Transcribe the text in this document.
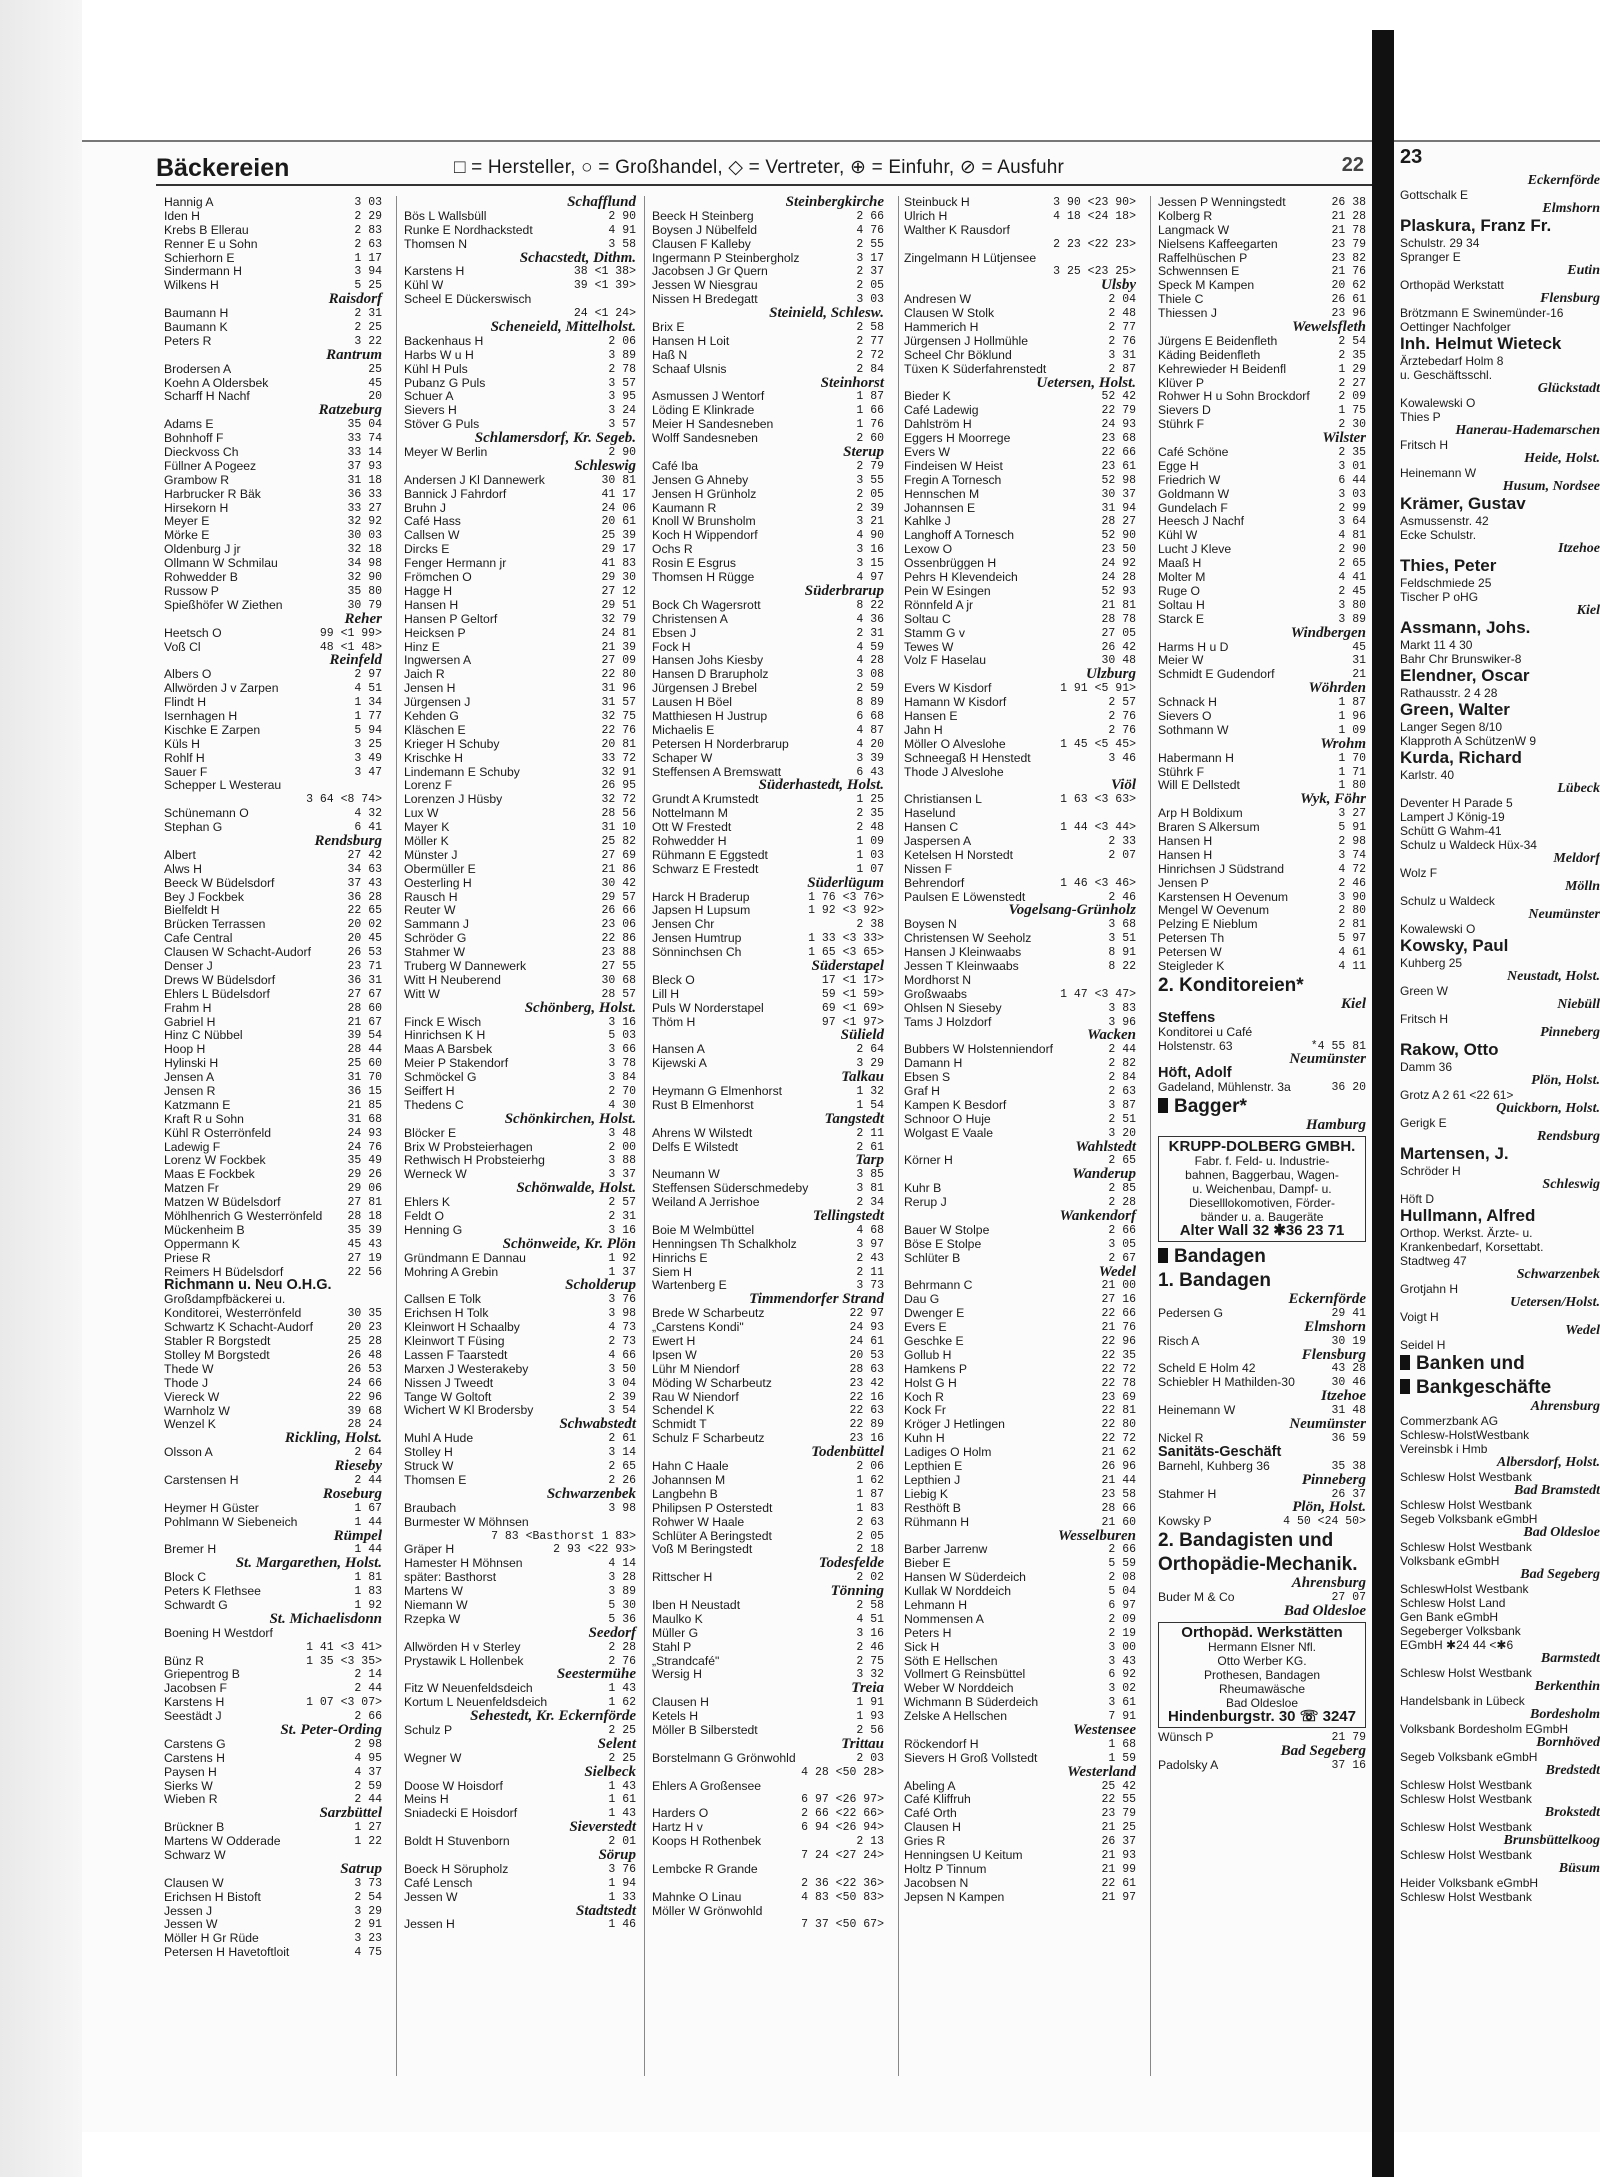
Bäckereien	□ = Hersteller, ○ = Großhandel, ◇ = Vertreter, ⊕ = Einfuhr, ⊘ = Ausfuhr	22
Hannig A	3 03
Iden H	2 29
Krebs B Ellerau	2 83
Renner E u Sohn	2 63
Schierhorn E	1 17
Sindermann H	3 94
Wilkens H	5 25
Raisdorf
Baumann H	2 31
Baumann K	2 25
Peters R	3 22
Rantrum
Brodersen A	25
Koehn A Oldersbek	45
Scharff H Nachf	20
Ratzeburg
Adams E	35 04
Bohnhoff F	33 74
Dieckvoss Ch	33 14
Füllner A Pogeez	37 93
Grambow R	31 18
Harbrucker R Bäk	36 33
Hirsekorn H	33 27
Meyer E	32 92
Mörke E	30 03
Oldenburg J jr	32 18
Ollmann W Schmilau	34 98
Rohwedder B	32 90
Russow P	35 80
Spießhöfer W Ziethen	30 79
Reher
Heetsch O	99 <1 99>
Voß Cl	48 <1 48>
Reinfeld
Albers O	2 97
Allwörden J v Zarpen	4 51
Flindt H	1 34
Isernhagen H	1 77
Kischke E Zarpen	5 94
Küls H	3 25
Rohlf H	3 49
Sauer F	3 47
Schepper L Westerau
3 64 <8 74>
Schünemann O	4 32
Stephan G	6 41
Rendsburg
Albert	27 42
Alws H	34 63
Beeck W Büdelsdorf	37 43
Bey J Fockbek	36 28
Bielfeldt H	22 65
Brücken Terrassen	20 02
Cafe Central	20 45
Clausen W Schacht-Audorf	26 53
Denser J	23 71
Drews W Büdelsdorf	36 31
Ehlers L Büdelsdorf	27 67
Frahm H	28 60
Gabriel H	21 67
Hinz C Nübbel	39 54
Hoop H	28 44
Hylinski H	25 60
Jensen A	31 70
Jensen R	36 15
Katzmann E	21 85
Kraft R u Sohn	31 68
Kühl R Osterrönfeld	24 93
Ladewig F	24 76
Lorenz W Fockbek	35 49
Maas E Fockbek	29 26
Matzen Fr	29 06
Matzen W Büdelsdorf	27 81
Möhlhenrich G Westerrönfeld	28 18
Mückenheim B	35 39
Oppermann K	45 43
Priese R	27 19
Reimers H Büdelsdorf	22 56
Richmann u. Neu O.H.G.
Großdampfbäckerei u.
Konditorei, Westerrönfeld	30 35
Schwartz K Schacht-Audorf	20 23
Stabler R Borgstedt	25 28
Stolley M Borgstedt	26 48
Thede W	26 53
Thode J	24 66
Viereck W	22 96
Warnholz W	39 68
Wenzel K	28 24
Rickling, Holst.
Olsson A	2 64
Rieseby
Carstensen H	2 44
Roseburg
Heymer H Güster	1 67
Pohlmann W Siebeneich	1 44
Rümpel
Bremer H	1 44
St. Margarethen, Holst.
Block C	1 81
Peters K Flethsee	1 83
Schwardt G	1 92
St. Michaelisdonn
Boening H Westdorf
1 41 <3 41>
Bünz R	1 35 <3 35>
Griepentrog B	2 14
Jacobsen F	2 44
Karstens H	1 07 <3 07>
Seestädt J	2 66
St. Peter-Ording
Carstens G	2 98
Carstens H	4 95
Paysen H	4 37
Sierks W	2 59
Wieben R	2 44
Sarzbüttel
Brückner B	1 27
Martens W Odderade	1 22
Schwarz W
Satrup
Clausen W	3 73
Erichsen H Bistoft	2 54
Jessen J	3 29
Jessen W	2 91
Möller H Gr Rüde	3 23
Petersen H Havetoftloit	4 75
Schafflund
Bös L Wallsbüll	2 90
Runke E Nordhackstedt	4 91
Thomsen N	3 58
Schacstedt, Dithm.
Karstens H	38 <1 38>
Kühl W	39 <1 39>
Scheel E Dückerswisch
24 <1 24>
Scheneield, Mittelholst.
Backenhaus H	2 06
Harbs W u H	3 89
Kühl H Puls	2 78
Pubanz G Puls	3 57
Schuer A	3 95
Sievers H	3 24
Stöver G Puls	3 57
Schlamersdorf, Kr. Segeb.
Meyer W Berlin	2 90
Schleswig
Andersen J Kl Dannewerk	30 81
Bannick J Fahrdorf	41 17
Bruhn J	24 06
Café Hass	20 61
Callsen W	25 39
Dircks E	29 17
Fenger Hermann jr	41 83
Frömchen O	29 30
Hagge H	27 12
Hansen H	29 51
Hansen P Geltorf	32 79
Heicksen P	24 81
Hinz E	21 39
Ingwersen A	27 09
Jaich R	22 80
Jensen H	31 96
Jürgensen J	31 57
Kehden G	32 75
Kläschen E	22 76
Krieger H Schuby	20 81
Krischke H	33 72
Lindemann E Schuby	32 91
Lorenz F	26 95
Lorenzen J Hüsby	32 72
Lux W	28 56
Mayer K	31 10
Möller K	25 82
Münster J	27 69
Obermüller E	21 86
Oesterling H	30 42
Rausch H	29 57
Reuter W	26 66
Sammann J	23 06
Schröder G	22 86
Stahmer W	23 88
Truberg W Dannewerk	27 55
Witt H Neuberend	30 68
Witt W	28 57
Schönberg, Holst.
Finck E Wisch	3 16
Hinrichsen K H	5 03
Maas A Barsbek	3 66
Meier P Stakendorf	3 78
Schmöckel G	3 84
Seiffert H	2 70
Thedens C	4 30
Schönkirchen, Holst.
Blöcker E	3 48
Brix W Probsteierhagen	2 00
Rethwisch H Probsteierhg	3 88
Werneck W	3 37
Schönwalde, Holst.
Ehlers K	2 57
Feldt O	2 31
Henning G	3 16
Schönweide, Kr. Plön
Gründmann E Dannau	1 92
Mohring A Grebin	1 37
Scholderup
Callsen E Tolk	3 76
Erichsen H Tolk	3 98
Kleinwort H Schaalby	4 73
Kleinwort T Füsing	2 73
Lassen F Taarstedt	4 66
Marxen J Westerakeby	3 50
Nissen J Tweedt	3 04
Tange W Goltoft	2 39
Wichert W Kl Brodersby	3 54
Schwabstedt
Muhl A Hude	2 61
Stolley H	3 14
Struck W	2 65
Thomsen E	2 26
Schwarzenbek
Braubach	3 98
Burmester W Möhnsen
7 83 <Basthorst 1 83>
Gräper H	2 93 <22 93>
Hamester H Möhnsen	4 14
später: Basthorst	3 28
Martens W	3 89
Niemann W	5 30
Rzepka W	5 36
Seedorf
Allwörden H v Sterley	2 28
Prystawik L Hollenbek	2 76
Seestermühe
Fitz W Neuenfeldsdeich	1 43
Kortum L Neuenfeldsdeich	1 62
Sehestedt, Kr. Eckernförde
Schulz P	2 25
Selent
Wegner W	2 25
Sielbeck
Doose W Hoisdorf	1 43
Meins H	1 61
Sniadecki E Hoisdorf	1 43
Sieverstedt
Boldt H Stuvenborn	2 01
Sörup
Boeck H Sörupholz	3 76
Café Lensch	1 94
Jessen W	1 33
Stadtstedt
Jessen H	1 46
Steinbergkirche
Beeck H Steinberg	2 66
Boysen J Nübelfeld	4 76
Clausen F Kalleby	2 55
Ingermann P Steinbergholz	3 17
Jacobsen J Gr Quern	2 37
Jessen W Niesgrau	2 05
Nissen H Bredegatt	3 03
Steinield, Schlesw.
Brix E	2 58
Hansen H Loit	2 77
Haß N	2 72
Schaaf Ulsnis	2 84
Steinhorst
Asmussen J Wentorf	1 87
Löding E Klinkrade	1 66
Meier H Sandesneben	1 76
Wolff Sandesneben	2 60
Sterup
Café Iba	2 79
Jensen G Ahneby	3 55
Jensen H Grünholz	2 05
Kaumann R	2 39
Knoll W Brunsholm	3 21
Koch H Wippendorf	4 90
Ochs R	3 16
Rosin E Esgrus	3 15
Thomsen H Rügge	4 97
Süderbrarup
Bock Ch Wagersrott	8 22
Christensen A	4 36
Ebsen J	2 31
Fock H	4 59
Hansen Johs Kiesby	4 28
Hansen D Brarupholz	3 08
Jürgensen J Brebel	2 59
Lausen H Böel	8 89
Matthiesen H Justrup	6 68
Michaelis E	4 87
Petersen H Norderbrarup	4 20
Schaper W	3 39
Steffensen A Bremswatt	6 43
Süderhastedt, Holst.
Grundt A Krumstedt	1 25
Nottelmann M	2 35
Ott W Frestedt	2 48
Rohwedder H	1 09
Rühmann E Eggstedt	1 03
Schwarz E Frestedt	1 07
Süderlügum
Harck H Braderup	1 76 <3 76>
Japsen H Lupsum	1 92 <3 92>
Jensen Chr	2 38
Jensen Humtrup	1 33 <3 33>
Sönninchsen Ch	1 65 <3 65>
Süderstapel
Bleck O	17 <1 17>
Lill H	59 <1 59>
Puls W Norderstapel	69 <1 69>
Thöm H	97 <1 97>
Sülield
Hansen A	2 64
Kijewski A	3 29
Talkau
Heymann G Elmenhorst	1 32
Rust B Elmenhorst	1 54
Tangstedt
Ahrens W Wilstedt	2 11
Delfs E Wilstedt	2 61
Tarp
Neumann W	3 85
Steffensen Süderschmedeby	3 81
Weiland A Jerrishoe	2 34
Tellingstedt
Boie M Welmbüttel	4 68
Henningsen Th Schalkholz	3 97
Hinrichs E	2 43
Siem H	2 11
Wartenberg E	3 73
Timmendorfer Strand
Brede W Scharbeutz	22 97
„Carstens Kondi"	24 93
Ewert H	24 61
Ipsen W	20 53
Lühr M Niendorf	28 63
Möding W Scharbeutz	23 42
Rau W Niendorf	22 16
Schendel K	22 63
Schmidt T	22 89
Schulz F Scharbeutz	23 16
Todenbüttel
Hahn C Haale	2 06
Johannsen M	1 62
Langbehn B	1 87
Philipsen P Osterstedt	1 83
Rohwer W Haale	2 63
Schlüter A Beringstedt	2 05
Voß M Beringstedt	2 18
Todesfelde
Rittscher H	2 02
Tönning
Iben H Neustadt	2 58
Maulko K	4 51
Müller G	3 16
Stahl P	2 46
„Strandcafé"	2 75
Wersig H	3 32
Treia
Clausen H	1 91
Ketels H	1 93
Möller B Silberstedt	2 56
Trittau
Borstelmann G Grönwohld	2 03
4 28 <50 28>
Ehlers A Großensee
6 97 <26 97>
Harders O	2 66 <22 66>
Hartz H v	6 94 <26 94>
Koops H Rothenbek	2 13
7 24 <27 24>
Lembcke R Grande
2 36 <22 36>
Mahnke O Linau	4 83 <50 83>
Möller W Grönwohld
7 37 <50 67>
Steinbuck H	3 90 <23 90>
Ulrich H	4 18 <24 18>
Walther K Rausdorf
2 23 <22 23>
Zingelmann H Lütjensee
3 25 <23 25>
Ulsby
Andresen W	2 04
Clausen W Stolk	2 48
Hammerich H	2 77
Jürgensen J Hollmühle	2 76
Scheel Chr Böklund	3 31
Tüxen K Süderfahrenstedt	2 87
Uetersen, Holst.
Bieder K	52 42
Café Ladewig	22 79
Dahlström H	24 93
Eggers H Moorrege	23 68
Evers W	22 66
Findeisen W Heist	23 61
Fregin A Tornesch	52 98
Hennschen M	30 37
Johannsen E	31 94
Kahlke J	28 27
Langhoff A Tornesch	52 90
Lexow O	23 50
Ossenbrüggen H	24 92
Pehrs H Klevendeich	24 28
Pein W Esingen	52 93
Rönnfeld A jr	21 81
Soltau C	28 78
Stamm G v	27 05
Tewes W	26 42
Volz F Haselau	30 48
Ulzburg
Evers W Kisdorf	1 91 <5 91>
Hamann W Kisdorf	2 57
Hansen E	2 76
Jahn H	2 76
Möller O Alveslohe	1 45 <5 45>
Schneegaß H Henstedt	3 46
Thode J Alveslohe
Viöl
Christiansen L	1 63 <3 63>
Haselund
Hansen C	1 44 <3 44>
Jaspersen A	2 33
Ketelsen H Norstedt	2 07
Nissen F
Behrendorf	1 46 <3 46>
Paulsen E Löwenstedt	2 46
Vogelsang-Grünholz
Boysen N	3 68
Christensen W Seeholz	3 51
Hansen J Kleinwaabs	8 91
Jessen T Kleinwaabs	8 22
Mordhorst N
Großwaabs	1 47 <3 47>
Ohlsen N Sieseby	3 83
Tams J Holzdorf	3 96
Wacken
Bubbers W Holstenniendorf	2 44
Damann H	2 82
Ebsen S	2 84
Graf H	2 63
Kampen K Besdorf	3 87
Schnoor O Huje	2 51
Wolgast E Vaale	3 20
Wahlstedt
Körner H	2 65
Wanderup
Kuhr B	2 85
Rerup J	2 28
Wankendorf
Bauer W Stolpe	2 66
Böse E Stolpe	3 05
Schlüter B	2 67
Wedel
Behrmann C	21 00
Dau G	27 16
Dwenger E	22 66
Evers E	21 76
Geschke E	22 96
Gollub H	22 35
Hamkens P	22 72
Holst G H	22 78
Koch R	23 69
Kock Fr	22 81
Kröger J Hetlingen	22 80
Kuhn H	22 72
Ladiges O Holm	21 62
Lepthien E	26 96
Lepthien J	21 44
Liebig K	23 58
Resthöft B	28 66
Rühmann H	21 60
Wesselburen
Barber Jarrenw	2 66
Bieber E	5 59
Hansen W Süderdeich	2 08
Kullak W Norddeich	5 04
Lehmann H	6 97
Nommensen A	2 09
Peters H	2 19
Sick H	3 00
Söth E Hellschen	3 43
Vollmert G Reinsbüttel	6 92
Weber W Norddeich	3 02
Wichmann B Süderdeich	3 61
Zelske A Hellschen	7 91
Westensee
Röckendorf H	1 68
Sievers H Groß Vollstedt	1 59
Westerland
Abeling A	25 42
Café Kliffruh	22 55
Café Orth	23 79
Clausen H	21 25
Gries R	26 37
Henningsen U Keitum	21 93
Holtz P Tinnum	21 99
Jacobsen N	22 61
Jepsen N Kampen	21 97
Jessen P Wenningstedt	26 38
Kolberg R	21 28
Langmack W	21 78
Nielsens Kaffeegarten	23 79
Raffelhüschen P	23 82
Schwennsen E	21 76
Speck M Kampen	20 62
Thiele C	26 61
Thiessen J	23 96
Wewelsfleth
Jürgens E Beidenfleth	2 54
Käding Beidenfleth	2 35
Kehrewieder H Beidenfl	1 29
Klüver P	2 27
Rohwer H u Sohn Brockdorf	2 09
Sievers D	1 75
Stührk F	2 30
Wilster
Café Schöne	2 35
Egge H	3 01
Friedrich W	6 44
Goldmann W	3 03
Gundelach F	2 99
Heesch J Nachf	3 64
Kühl W	4 81
Lucht J Kleve	2 90
Maaß H	2 65
Molter M	4 41
Ruge O	2 45
Soltau H	3 80
Starck E	3 89
Windbergen
Harms H u D	45
Meier W	31
Schmidt E Gudendorf	21
Wöhrden
Schnack H	1 87
Sievers O	1 96
Sothmann W	1 09
Wrohm
Habermann H	1 70
Stührk F	1 71
Will E Dellstedt	1 80
Wyk, Föhr
Arp H Boldixum	3 27
Braren S Alkersum	5 91
Hansen H	2 98
Hansen H	3 74
Hinrichsen J Südstrand	4 72
Jensen P	2 46
Karstensen H Oevenum	3 90
Mengel W Oevenum	2 80
Pelzing E Nieblum	2 81
Petersen Th	5 97
Petersen W	4 61
Steigleder K	4 11
2. Konditoreien*
Kiel
Steffens
Konditorei u Café
Holstenstr. 63	*4 55 81
Neumünster
Höft, Adolf
Gadeland, Mühlenstr. 3a	36 20
Bagger*
Hamburg
KRUPP-DOLBERG GMBH.
Fabr. f. Feld- u. Industrie-
bahnen, Baggerbau, Wagen-
u. Weichenbau, Dampf- u.
Dieselllokomotiven, Förder-
bänder u. a. Baugeräte
Alter Wall 32 ✱36 23 71
Bandagen
1. Bandagen
Eckernförde
Pedersen G	29 41
Elmshorn
Risch A	30 19
Flensburg
Scheld E Holm 42	43 28
Schiebler H Mathilden-30	30 46
Itzehoe
Heinemann W	31 48
Neumünster
Nickel R	36 59
Sanitäts-Geschäft
Barnehl, Kuhberg 36	35 38
Pinneberg
Stahmer H	26 37
Plön, Holst.
Kowsky P	4 50 <24 50>
2. Bandagisten und
Orthopädie-Mechanik.
Ahrensburg
Buder M & Co	27 07
Bad Oldesloe
Orthopäd. Werkstätten
Hermann Elsner Nfl.
Otto Werber KG.
Prothesen, Bandagen
Rheumawäsche
Bad Oldesloe
Hindenburgstr. 30 ☏ 3247
Wünsch P	21 79
Bad Segeberg
Padolsky A	37 16
23
Eckernförde
Gottschalk E
Elmshorn
Plaskura, Franz Fr.
Schulstr. 29 34
Spranger E
Eutin
Orthopäd Werkstatt
Flensburg
Brötzmann E Swinemünder-16
Oettinger Nachfolger
Inh. Helmut Wieteck
Ärztebedarf Holm 8
u. Geschäftsschl.
Glückstadt
Kowalewski O
Thies P
Hanerau-Hademarschen
Fritsch H
Heide, Holst.
Heinemann W
Husum, Nordsee
Krämer, Gustav
Asmussenstr. 42
Ecke Schulstr.
Itzehoe
Thies, Peter
Feldschmiede 25
Tischer P oHG
Kiel
Assmann, Johs.
Markt 11 4 30
Bahr Chr Brunswiker-8
Elendner, Oscar
Rathausstr. 2 4 28
Green, Walter
Langer Segen 8/10
Klapproth A SchützenW 9
Kurda, Richard
Karlstr. 40
Lübeck
Deventer H Parade 5
Lampert J König-19
Schütt G Wahm-41
Schulz u Waldeck Hüx-34
Meldorf
Wolz F
Mölln
Schulz u Waldeck
Neumünster
Kowalewski O
Kowsky, Paul
Kuhberg 25
Neustadt, Holst.
Green W
Niebüll
Fritsch H
Pinneberg
Rakow, Otto
Damm 36
Plön, Holst.
Grotz A 2 61 <22 61>
Quickborn, Holst.
Gerigk E
Rendsburg
Martensen, J.
Schröder H
Schleswig
Höft D
Hullmann, Alfred
Orthop. Werkst. Ärzte- u.
Krankenbedarf, Korsettabt.
Stadtweg 47
Schwarzenbek
Grotjahn H
Uetersen/Holst.
Voigt H
Wedel
Seidel H
Banken und
Bankgeschäfte
Ahrensburg
Commerzbank AG
Schlesw-HolstWestbank
Vereinsbk i Hmb
Albersdorf, Holst.
Schlesw Holst Westbank
Bad Bramstedt
Schlesw Holst Westbank
Segeb Volksbank eGmbH
Bad Oldesloe
Schlesw Holst Westbank
Volksbank eGmbH
Bad Segeberg
SchleswHolst Westbank
Schlesw Holst Land
Gen Bank eGmbH
Segeberger Volksbank
EGmbH ✱24 44 <✱6
Barmstedt
Schlesw Holst Westbank
Berkenthin
Handelsbank in Lübeck
Bordesholm
Volksbank Bordesholm EGmbH
Bornhöved
Segeb Volksbank eGmbH
Bredstedt
Schlesw Holst Westbank
Schlesw Holst Westbank
Brokstedt
Schlesw Holst Westbank
Brunsbüttelkoog
Schlesw Holst Westbank
Büsum
Heider Volksbank eGmbH
Schlesw Holst Westbank
